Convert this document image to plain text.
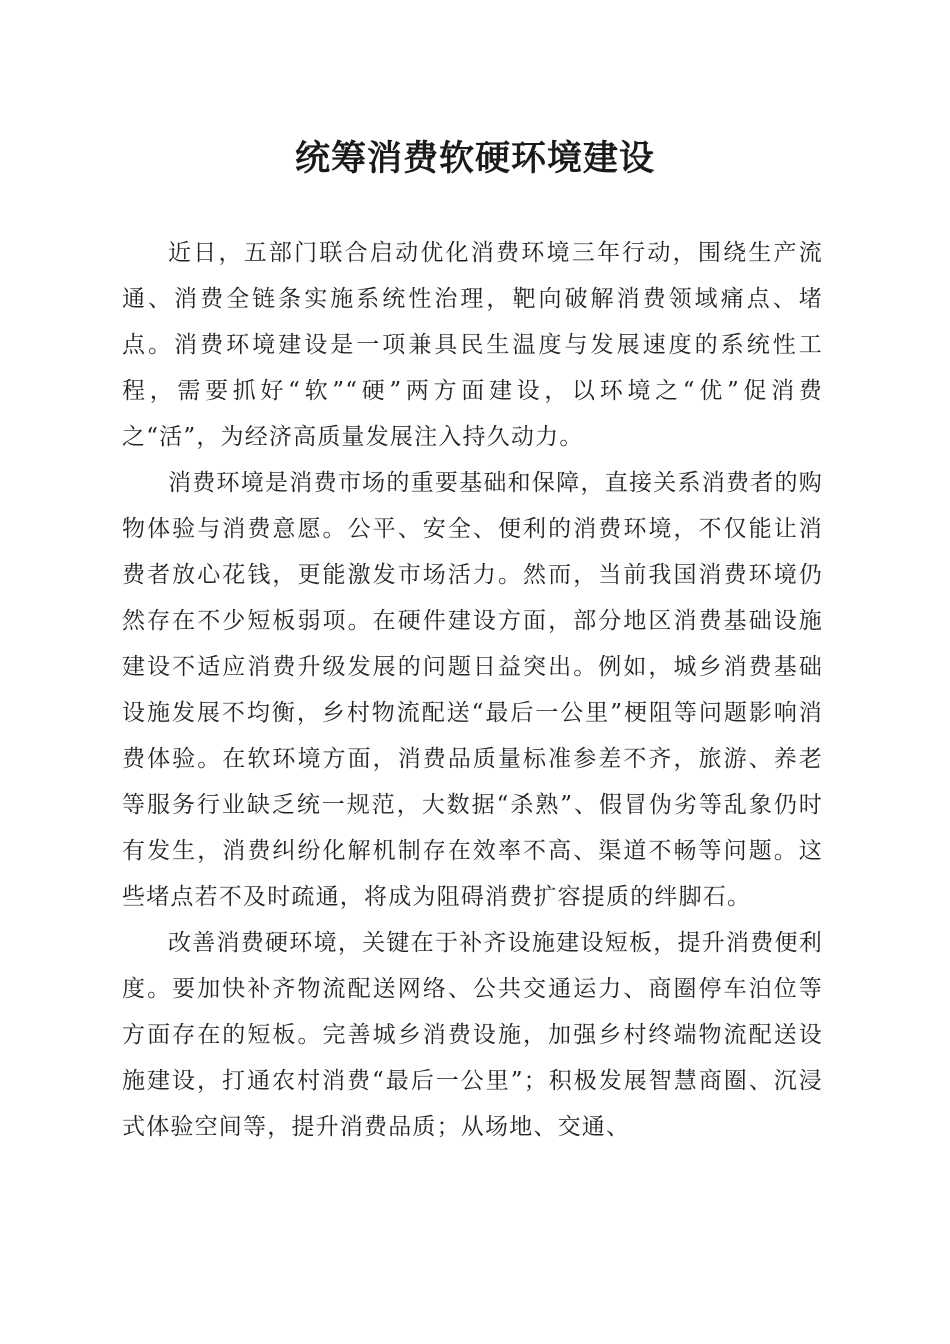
统筹消费软硬环境建设

近日，五部门联合启动优化消费环境三年行动，围绕生产流通、消费全链条实施系统性治理，靶向破解消费领域痛点、堵点。消费环境建设是一项兼具民生温度与发展速度的系统性工程，需要抓好“软”“硬”两方面建设，以环境之“优”促消费之“活”，为经济高质量发展注入持久动力。

消费环境是消费市场的重要基础和保障，直接关系消费者的购物体验与消费意愿。公平、安全、便利的消费环境，不仅能让消费者放心花钱，更能激发市场活力。然而，当前我国消费环境仍然存在不少短板弱项。在硬件建设方面，部分地区消费基础设施建设不适应消费升级发展的问题日益突出。例如，城乡消费基础设施发展不均衡，乡村物流配送“最后一公里”梗阻等问题影响消费体验。在软环境方面，消费品质量标准参差不齐，旅游、养老等服务行业缺乏统一规范，大数据“杀熟”、假冒伪劣等乱象仍时有发生，消费纠纷化解机制存在效率不高、渠道不畅等问题。这些堵点若不及时疏通，将成为阻碍消费扩容提质的绊脚石。

改善消费硬环境，关键在于补齐设施建设短板，提升消费便利度。要加快补齐物流配送网络、公共交通运力、商圈停车泊位等方面存在的短板。完善城乡消费设施，加强乡村终端物流配送设施建设，打通农村消费“最后一公里”；积极发展智慧商圈、沉浸式体验空间等，提升消费品质；从场地、交通、
